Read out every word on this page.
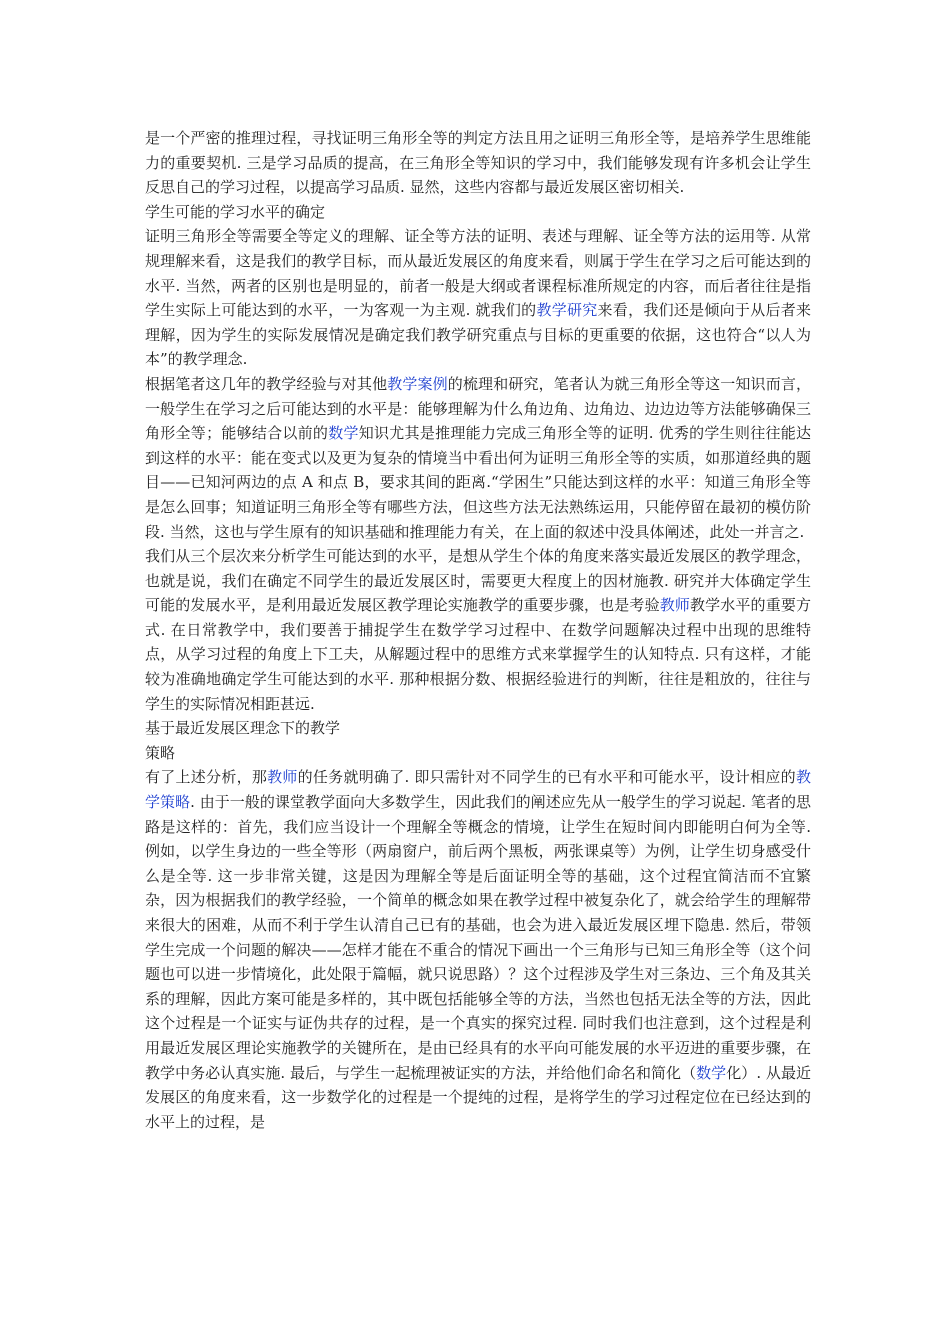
是一个严密的推理过程，寻找证明三角形全等的判定方法且用之证明三角形全等，是培养学生思维能力的重要契机. 三是学习品质的提高，在三角形全等知识的学习中，我们能够发现有许多机会让学生反思自己的学习过程，以提高学习品质. 显然，这些内容都与最近发展区密切相关.

学生可能的学习水平的确定

证明三角形全等需要全等定义的理解、证全等方法的证明、表述与理解、证全等方法的运用等. 从常规理解来看，这是我们的教学目标，而从最近发展区的角度来看，则属于学生在学习之后可能达到的水平. 当然，两者的区别也是明显的，前者一般是大纲或者课程标准所规定的内容，而后者往往是指学生实际上可能达到的水平，一为客观一为主观. 就我们的教学研究来看，我们还是倾向于从后者来理解，因为学生的实际发展情况是确定我们教学研究重点与目标的更重要的依据，这也符合“以人为本”的教学理念.

根据笔者这几年的教学经验与对其他教学案例的梳理和研究，笔者认为就三角形全等这一知识而言，一般学生在学习之后可能达到的水平是：能够理解为什么角边角、边角边、边边边等方法能够确保三角形全等；能够结合以前的数学知识尤其是推理能力完成三角形全等的证明. 优秀的学生则往往能达到这样的水平：能在变式以及更为复杂的情境当中看出何为证明三角形全等的实质，如那道经典的题目——已知河两边的点 A 和点 B，要求其间的距离.“学困生”只能达到这样的水平：知道三角形全等是怎么回事；知道证明三角形全等有哪些方法，但这些方法无法熟练运用，只能停留在最初的模仿阶段. 当然，这也与学生原有的知识基础和推理能力有关，在上面的叙述中没具体阐述，此处一并言之.

我们从三个层次来分析学生可能达到的水平，是想从学生个体的角度来落实最近发展区的教学理念，也就是说，我们在确定不同学生的最近发展区时，需要更大程度上的因材施教. 研究并大体确定学生可能的发展水平，是利用最近发展区教学理论实施教学的重要步骤，也是考验教师教学水平的重要方式. 在日常教学中，我们要善于捕捉学生在数学学习过程中、在数学问题解决过程中出现的思维特点，从学习过程的角度上下工夫，从解题过程中的思维方式来掌握学生的认知特点. 只有这样，才能较为准确地确定学生可能达到的水平. 那种根据分数、根据经验进行的判断，往往是粗放的，往往与学生的实际情况相距甚远.

基于最近发展区理念下的教学

策略

有了上述分析，那教师的任务就明确了. 即只需针对不同学生的已有水平和可能水平，设计相应的教学策略. 由于一般的课堂教学面向大多数学生，因此我们的阐述应先从一般学生的学习说起. 笔者的思路是这样的：首先，我们应当设计一个理解全等概念的情境，让学生在短时间内即能明白何为全等. 例如，以学生身边的一些全等形（两扇窗户，前后两个黑板，两张课桌等）为例，让学生切身感受什么是全等. 这一步非常关键，这是因为理解全等是后面证明全等的基础，这个过程宜简洁而不宜繁杂，因为根据我们的教学经验，一个简单的概念如果在教学过程中被复杂化了，就会给学生的理解带来很大的困难，从而不利于学生认清自己已有的基础，也会为进入最近发展区埋下隐患. 然后，带领学生完成一个问题的解决——怎样才能在不重合的情况下画出一个三角形与已知三角形全等（这个问题也可以进一步情境化，此处限于篇幅，就只说思路）？这个过程涉及学生对三条边、三个角及其关系的理解，因此方案可能是多样的，其中既包括能够全等的方法，当然也包括无法全等的方法，因此这个过程是一个证实与证伪共存的过程，是一个真实的探究过程. 同时我们也注意到，这个过程是利用最近发展区理论实施教学的关键所在，是由已经具有的水平向可能发展的水平迈进的重要步骤，在教学中务必认真实施. 最后，与学生一起梳理被证实的方法，并给他们命名和简化（数学化）. 从最近发展区的角度来看，这一步数学化的过程是一个提纯的过程，是将学生的学习过程定位在已经达到的水平上的过程，是
